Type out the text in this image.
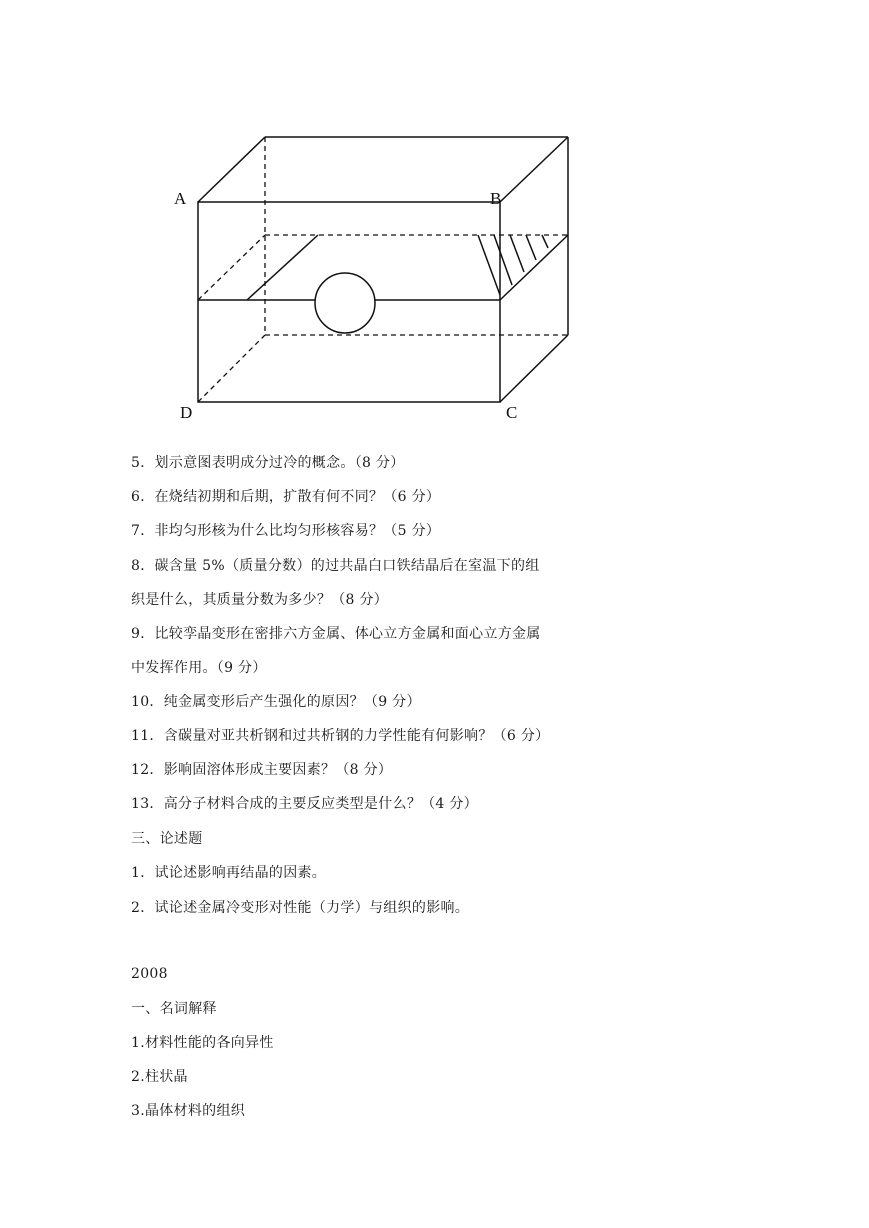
A	B
C
D
5．划示意图表明成分过冷的概念。（8 分）
6．在烧结初期和后期，扩散有何不同？（6 分）
7．非均匀形核为什么比均匀形核容易？（5 分）
8．碳含量 5%（质量分数）的过共晶白口铁结晶后在室温下的组
织是什么，其质量分数为多少？（8 分）
9．比较孪晶变形在密排六方金属、体心立方金属和面心立方金属
中发挥作用。（9 分）
10．纯金属变形后产生强化的原因？（9 分）
11．含碳量对亚共析钢和过共析钢的力学性能有何影响？（6 分）
12．影响固溶体形成主要因素？（8 分）
13．高分子材料合成的主要反应类型是什么？（4 分）
三、论述题
1．试论述影响再结晶的因素。
2．试论述金属冷变形对性能（力学）与组织的影响。
2008
一、名词解释
1.材料性能的各向异性
2.柱状晶
3.晶体材料的组织
